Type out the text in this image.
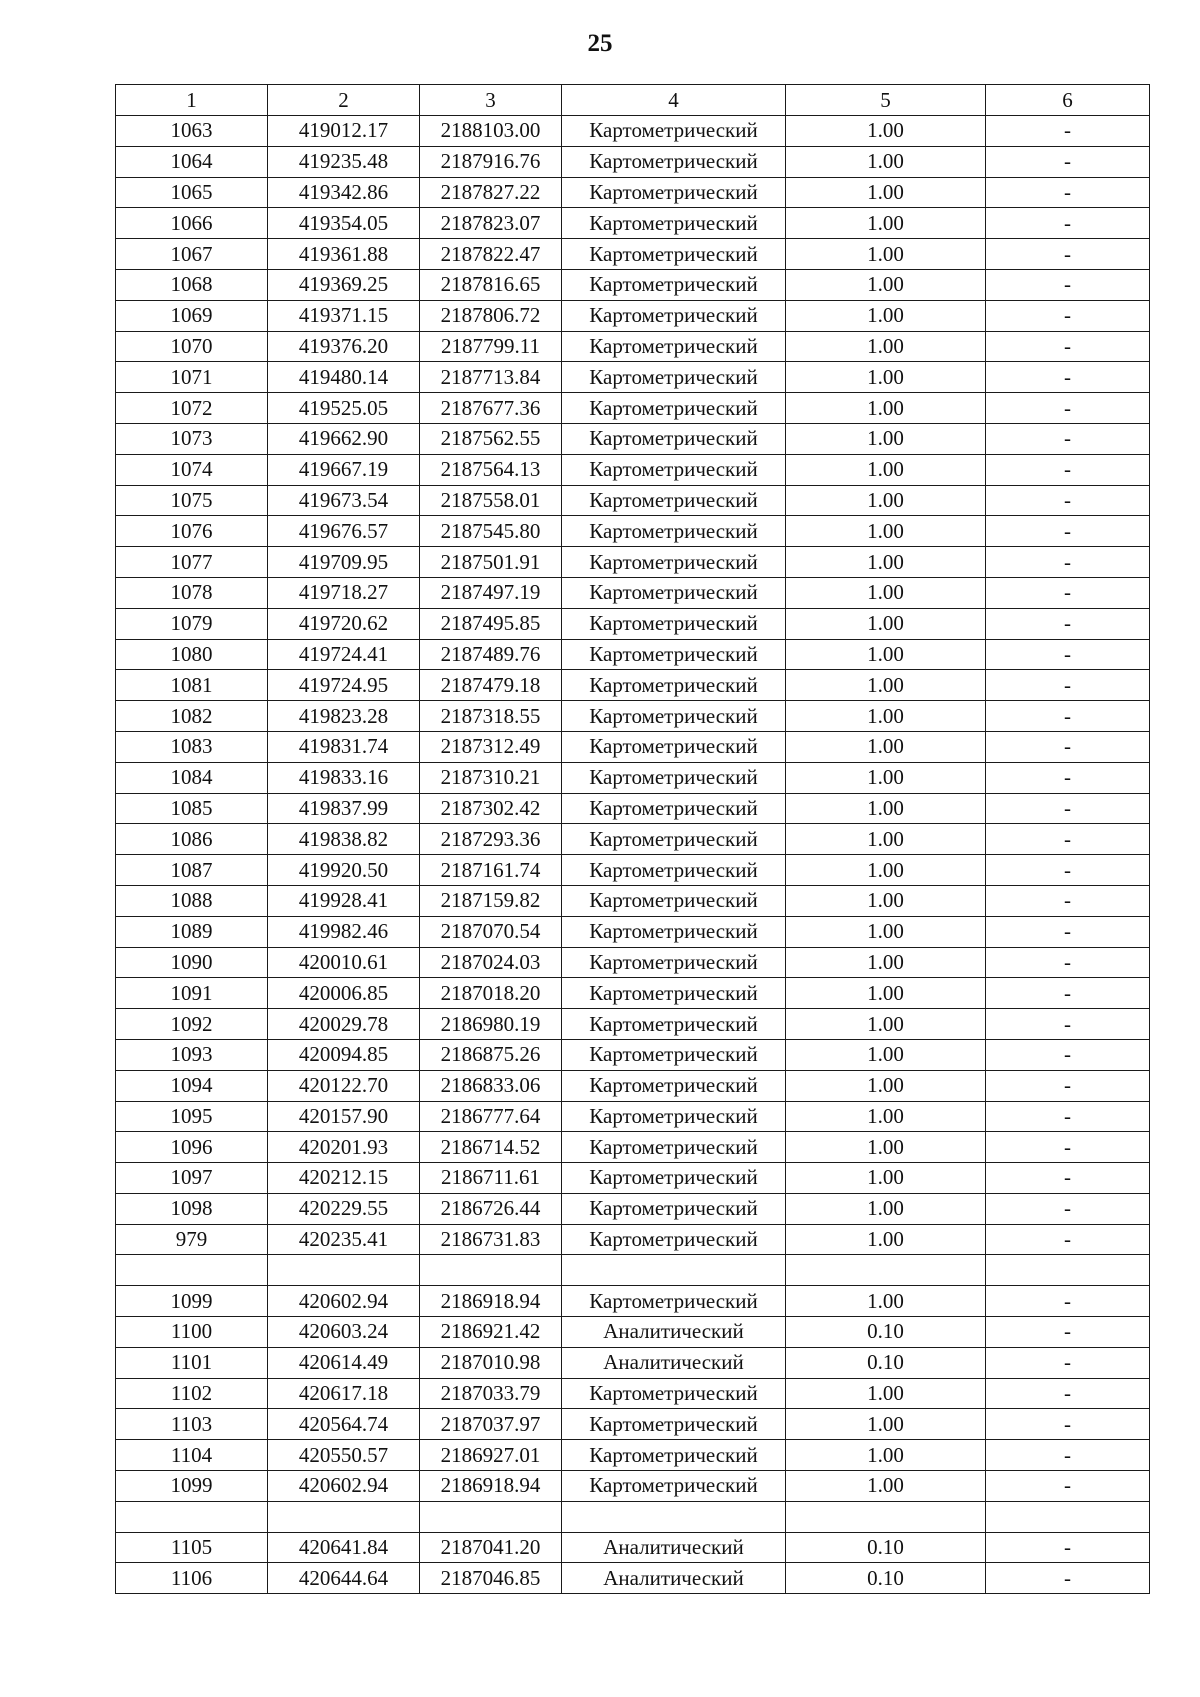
25
1	2	3	4	5	6
1063	419012.17	2188103.00	Картометрический	1.00	-
1064	419235.48	2187916.76	Картометрический	1.00	-
1065	419342.86	2187827.22	Картометрический	1.00	-
1066	419354.05	2187823.07	Картометрический	1.00	-
1067	419361.88	2187822.47	Картометрический	1.00	-
1068	419369.25	2187816.65	Картометрический	1.00	-
1069	419371.15	2187806.72	Картометрический	1.00	-
1070	419376.20	2187799.11	Картометрический	1.00	-
1071	419480.14	2187713.84	Картометрический	1.00	-
1072	419525.05	2187677.36	Картометрический	1.00	-
1073	419662.90	2187562.55	Картометрический	1.00	-
1074	419667.19	2187564.13	Картометрический	1.00	-
1075	419673.54	2187558.01	Картометрический	1.00	-
1076	419676.57	2187545.80	Картометрический	1.00	-
1077	419709.95	2187501.91	Картометрический	1.00	-
1078	419718.27	2187497.19	Картометрический	1.00	-
1079	419720.62	2187495.85	Картометрический	1.00	-
1080	419724.41	2187489.76	Картометрический	1.00	-
1081	419724.95	2187479.18	Картометрический	1.00	-
1082	419823.28	2187318.55	Картометрический	1.00	-
1083	419831.74	2187312.49	Картометрический	1.00	-
1084	419833.16	2187310.21	Картометрический	1.00	-
1085	419837.99	2187302.42	Картометрический	1.00	-
1086	419838.82	2187293.36	Картометрический	1.00	-
1087	419920.50	2187161.74	Картометрический	1.00	-
1088	419928.41	2187159.82	Картометрический	1.00	-
1089	419982.46	2187070.54	Картометрический	1.00	-
1090	420010.61	2187024.03	Картометрический	1.00	-
1091	420006.85	2187018.20	Картометрический	1.00	-
1092	420029.78	2186980.19	Картометрический	1.00	-
1093	420094.85	2186875.26	Картометрический	1.00	-
1094	420122.70	2186833.06	Картометрический	1.00	-
1095	420157.90	2186777.64	Картометрический	1.00	-
1096	420201.93	2186714.52	Картометрический	1.00	-
1097	420212.15	2186711.61	Картометрический	1.00	-
1098	420229.55	2186726.44	Картометрический	1.00	-
979	420235.41	2186731.83	Картометрический	1.00	-

1099	420602.94	2186918.94	Картометрический	1.00	-
1100	420603.24	2186921.42	Аналитический	0.10	-
1101	420614.49	2187010.98	Аналитический	0.10	-
1102	420617.18	2187033.79	Картометрический	1.00	-
1103	420564.74	2187037.97	Картометрический	1.00	-
1104	420550.57	2186927.01	Картометрический	1.00	-
1099	420602.94	2186918.94	Картометрический	1.00	-

1105	420641.84	2187041.20	Аналитический	0.10	-
1106	420644.64	2187046.85	Аналитический	0.10	-
